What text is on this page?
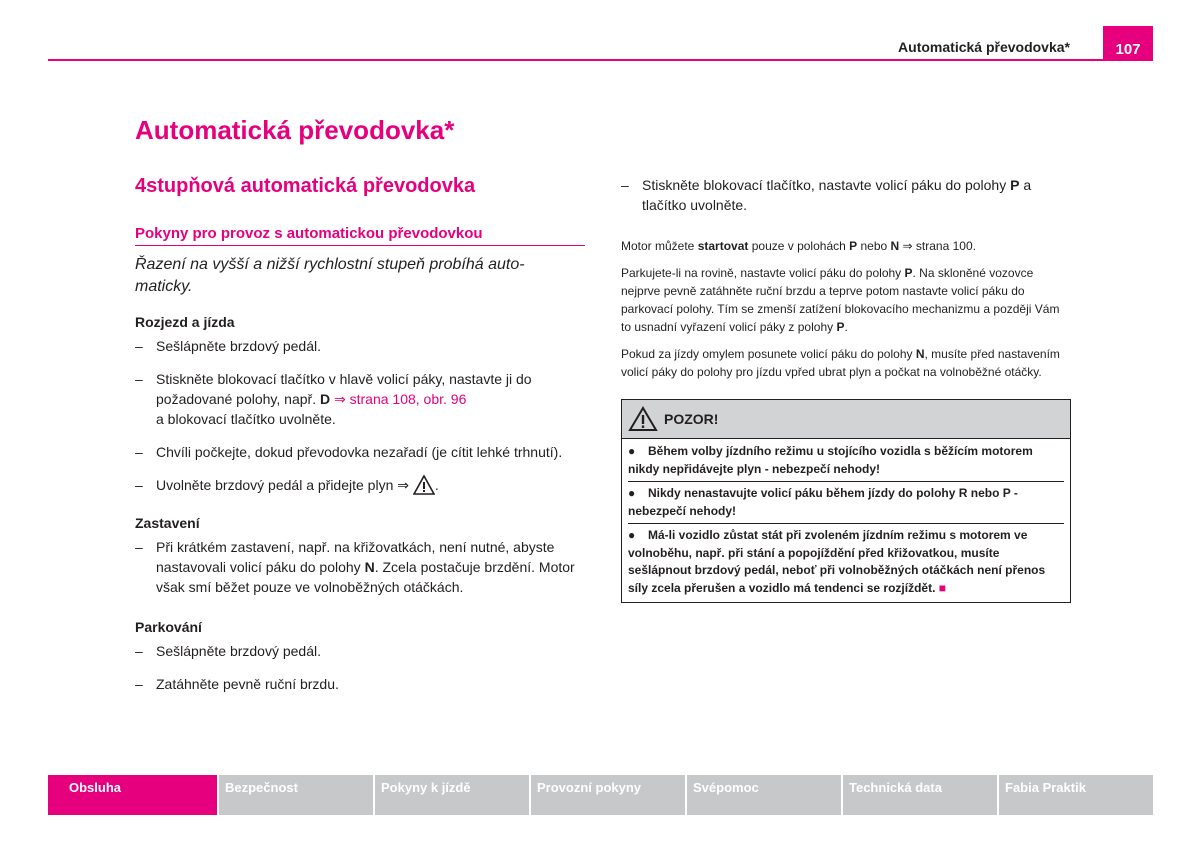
Automatická převodovka*	107
Automatická převodovka*
4stupňová automatická převodovka
Pokyny pro provoz s automatickou převodovkou
Řazení na vyšší a nižší rychlostní stupeň probíhá auto-
maticky.
Rozjezd a jízda
– Sešlápněte brzdový pedál.
– Stiskněte blokovací tlačítko v hlavě volicí páky, nastavte ji do požadované polohy, např. D ⇒ strana 108, obr. 96
a blokovací tlačítko uvolněte.
– Chvíli počkejte, dokud převodovka nezařadí (je cítit lehké trhnutí).
– Uvolněte brzdový pedál a přidejte plyn ⇒ .
Zastavení
– Při krátkém zastavení, např. na křižovatkách, není nutné, abyste nastavovali volicí páku do polohy N. Zcela postačuje brzdění. Motor však smí běžet pouze ve volnoběžných otáčkách.
Parkování
– Sešlápněte brzdový pedál.
– Zatáhněte pevně ruční brzdu.
– Stiskněte blokovací tlačítko, nastavte volicí páku do polohy P a tlačítko uvolněte.

Motor můžete startovat pouze v polohách P nebo N ⇒ strana 100.

Parkujete-li na rovině, nastavte volicí páku do polohy P. Na skloněné vozovce nejprve pevně zatáhněte ruční brzdu a teprve potom nastavte volicí páku do parkovací polohy. Tím se zmenší zatížení blokovacího mechanizmu a později Vám to usnadní vyřazení volicí páky z polohy P.

Pokud za jízdy omylem posunete volicí páku do polohy N, musíte před nastavením volicí páky do polohy pro jízdu vpřed ubrat plyn a počkat na volnoběžné otáčky.

POZOR!
● Během volby jízdního režimu u stojícího vozidla s běžícím motorem nikdy nepřidávejte plyn - nebezpečí nehody!
● Nikdy nenastavujte volicí páku během jízdy do polohy R nebo P - nebezpečí nehody!
● Má-li vozidlo zůstat stát při zvoleném jízdním režimu s motorem ve volnoběhu, např. při stání a popojíždění před křižovatkou, musíte sešlápnout brzdový pedál, neboť při volnoběžných otáčkách není přenos síly zcela přerušen a vozidlo má tendenci se rozjíždět. ■
Obsluha	Bezpečnost	Pokyny k jízdě	Provozní pokyny	Svépomoc	Technická data	Fabia Praktik
